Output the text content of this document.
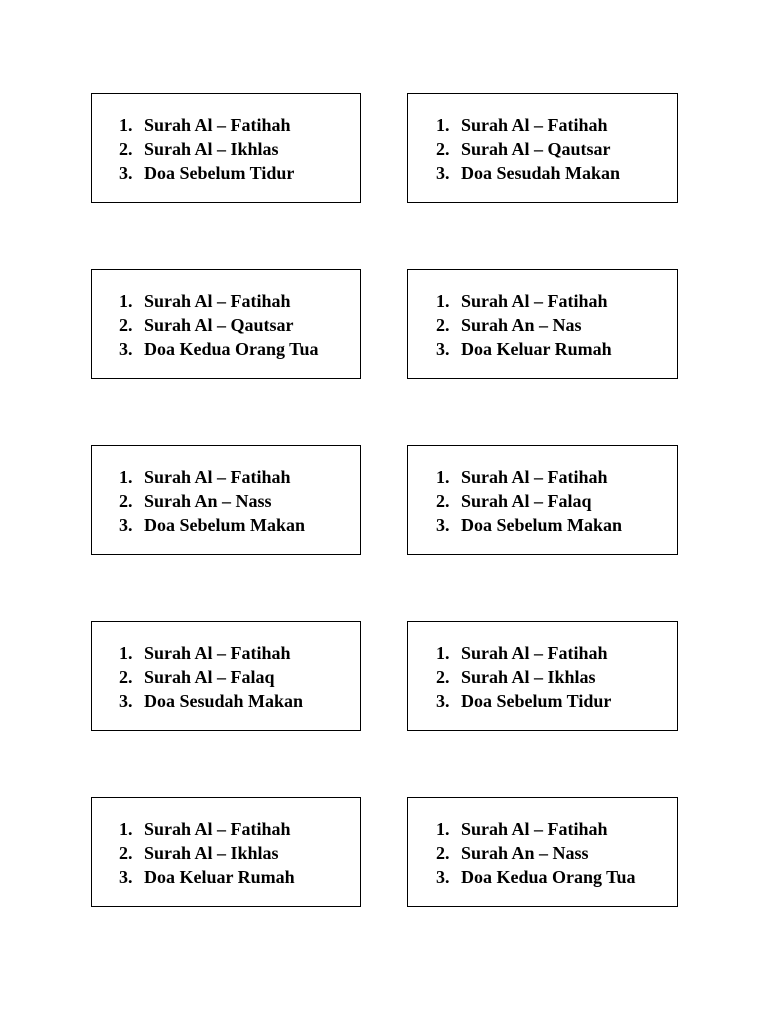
1. Surah Al – Fatihah
2. Surah Al – Ikhlas
3. Doa Sebelum Tidur
1. Surah Al – Fatihah
2. Surah Al – Qautsar
3. Doa Sesudah Makan
1. Surah Al – Fatihah
2. Surah Al – Qautsar
3. Doa Kedua Orang Tua
1. Surah Al – Fatihah
2. Surah An – Nas
3. Doa Keluar Rumah
1. Surah Al – Fatihah
2. Surah An – Nass
3. Doa Sebelum Makan
1. Surah Al – Fatihah
2. Surah Al – Falaq
3. Doa Sebelum Makan
1. Surah Al – Fatihah
2. Surah Al – Falaq
3. Doa Sesudah Makan
1. Surah Al – Fatihah
2. Surah Al – Ikhlas
3. Doa Sebelum Tidur
1. Surah Al – Fatihah
2. Surah Al – Ikhlas
3. Doa Keluar Rumah
1. Surah Al – Fatihah
2. Surah An – Nass
3. Doa Kedua Orang Tua
